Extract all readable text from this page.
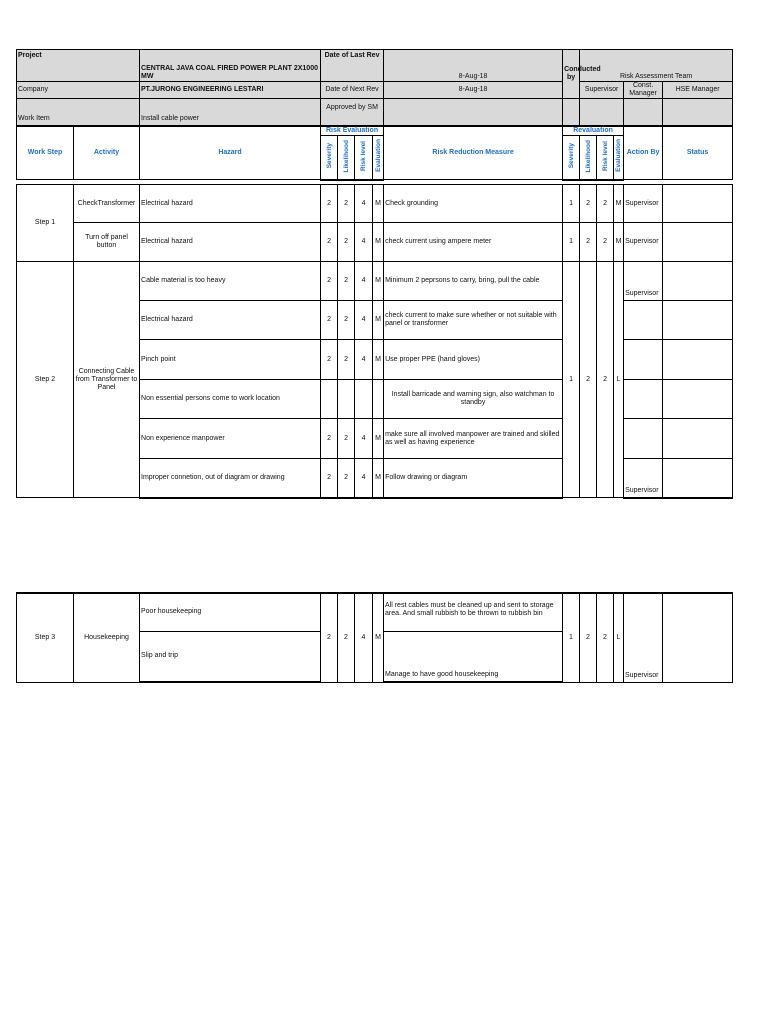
Project		CENTRAL JAVA COAL FIRED POWER PLANT 2X1000 MW	Date of Last Rev				8-Aug-18	Conducted by	Risk Assessment Team				
Company		PT.JURONG ENGINEERING LESTARI	Date of Next Rev				8-Aug-18		Supervisor			Const. Manager	HSE Manager
Work Item		Install cable power	Approved by SM										
Work Step	Activity	Hazard	Risk Evaluation				Risk Reduction Measure	Revaluation				Action By	Status
			Severity	Likelihood	Risk level	Evaluation		Severity	Likelihood	Risk level	Evaluation		

Step 1	CheckTransformer	Electrical hazard	2	2	4	M	Check grounding	1	2	2	M	Supervisor	
	Turn off panel button	Electrical hazard	2	2	4	M	check current using ampere meter	1	2	2	M	Supervisor	
Step 2	Connecting Cable from Transformer to Panel	Cable material is too heavy	2	2	4	M	Minimum 2 peprsons to carry, bring, pull the cable	1	2	2	L	Supervisor	
		Electrical hazard	2	2	4	M	check current to make sure whether or not suitable with panel or transformer						
		Pinch point	2	2	4	M	Use proper PPE (hand gloves)						
		Non essential persons come to work location					Install barricade and warning sign, also watchman to standby						
		Non experience manpower	2	2	4	M	make sure all involved manpower are trained and skilled as well as having experience						
		Improper connetion, out of diagram or drawing	2	2	4	M	Follow drawing or diagram					Supervisor	
Step 3	Housekeeping	Poor housekeeping	2	2	4	M	All rest cables must be cleaned up and sent to storage area. And small rubbish to be thrown to rubbish bin	1	2	2	L	Supervisor	
		Slip and trip					Manage to have good housekeeping						
